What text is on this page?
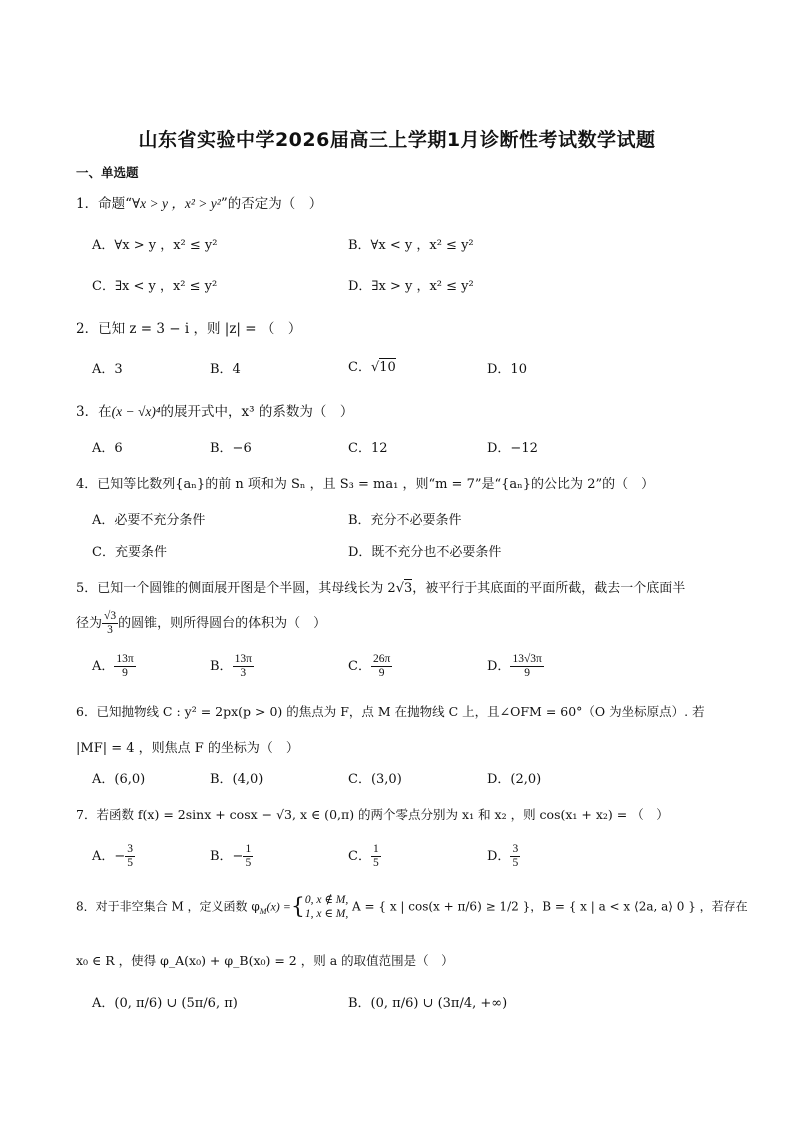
山东省实验中学2026届高三上学期1月诊断性考试数学试题
一、单选题
1．命题“∀x > y ，x² > y²”的否定为（　）
A．∀x > y ，x² ≤ y²	B．∀x < y ，x² ≤ y²
C．∃x < y ，x² ≤ y²	D．∃x > y ，x² ≤ y²
2．已知 z = 3 − i ，则 |z| = （　）
A．3	B．4	C．√10	D．10
3．在(x − √x)⁴的展开式中，x³ 的系数为（　）
A．6	B．−6	C．12	D．−12
4．已知等比数列{aₙ}的前 n 项和为 Sₙ ，且 S₃ = ma₁ ，则“m = 7”是“{aₙ}的公比为 2”的（　）
A．必要不充分条件	B．充分不必要条件
C．充要条件	D．既不充分也不必要条件
5．已知一个圆锥的侧面展开图是个半圆，其母线长为 2√3，被平行于其底面的平面所截，截去一个底面半
径为 $\frac{√3}{3}$ 的圆锥，则所得圆台的体积为（　）
A． $\frac{13\pi}{9}$	B． $\frac{13\pi}{3}$	C． $\frac{26\pi}{9}$	D． $\frac{13√3\pi}{9}$
6．已知抛物线 C : y² = 2px(p > 0) 的焦点为 F，点 M 在抛物线 C 上，且∠OFM = 60°（O 为坐标原点）. 若
|MF| = 4 ，则焦点 F 的坐标为（　）
A．(6,0)	B．(4,0)	C．(3,0)	D．(2,0)
7．若函数 f(x) = 2sinx + cosx − √3, x ∈ (0,π) 的两个零点分别为 x₁ 和 x₂ ，则 cos(x₁ + x₂) = （　）
A．− $\frac{3}{5}$	B．− $\frac{1}{5}$	C． $\frac{1}{5}$	D． $\frac{3}{5}$
8．对于非空集合 M ，定义函数 $\varphi_M(x)$ ={ 0, x ∉ M,
1, x ∈ M,
A = { x | cos(x + π/6) ≥ 1/2 }，B = { x | a < x ⟨2a, a⟩ 0 } ，若存在
x₀ ∈ R ，使得 φ_A(x₀) + φ_B(x₀) = 2 ，则 a 的取值范围是（　）
A．(0, π/6) ∪ (5π/6, π)	B．(0, π/6) ∪ (3π/4, +∞)
